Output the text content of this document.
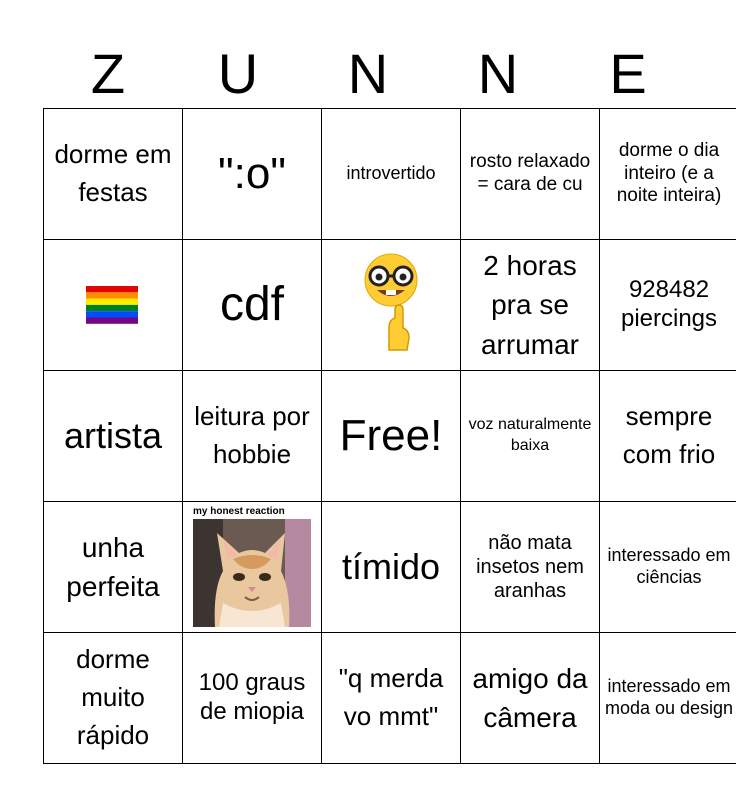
Z	U	N	N	E
dorme em festas	":o"	introvertido	rosto relaxado = cara de cu	dorme o dia inteiro (e a noite inteira)

	cdf		2 horas pra se arrumar	928482 piercings
artista	leitura por hobbie	Free!	voz naturalmente baixa	sempre com frio
unha perfeita	my honest reaction	tímido	não mata insetos nem aranhas	interessado em ciências
dorme muito rápido	100 graus de miopia	"q merda vo mmt"	amigo da câmera	interessado em moda ou design
